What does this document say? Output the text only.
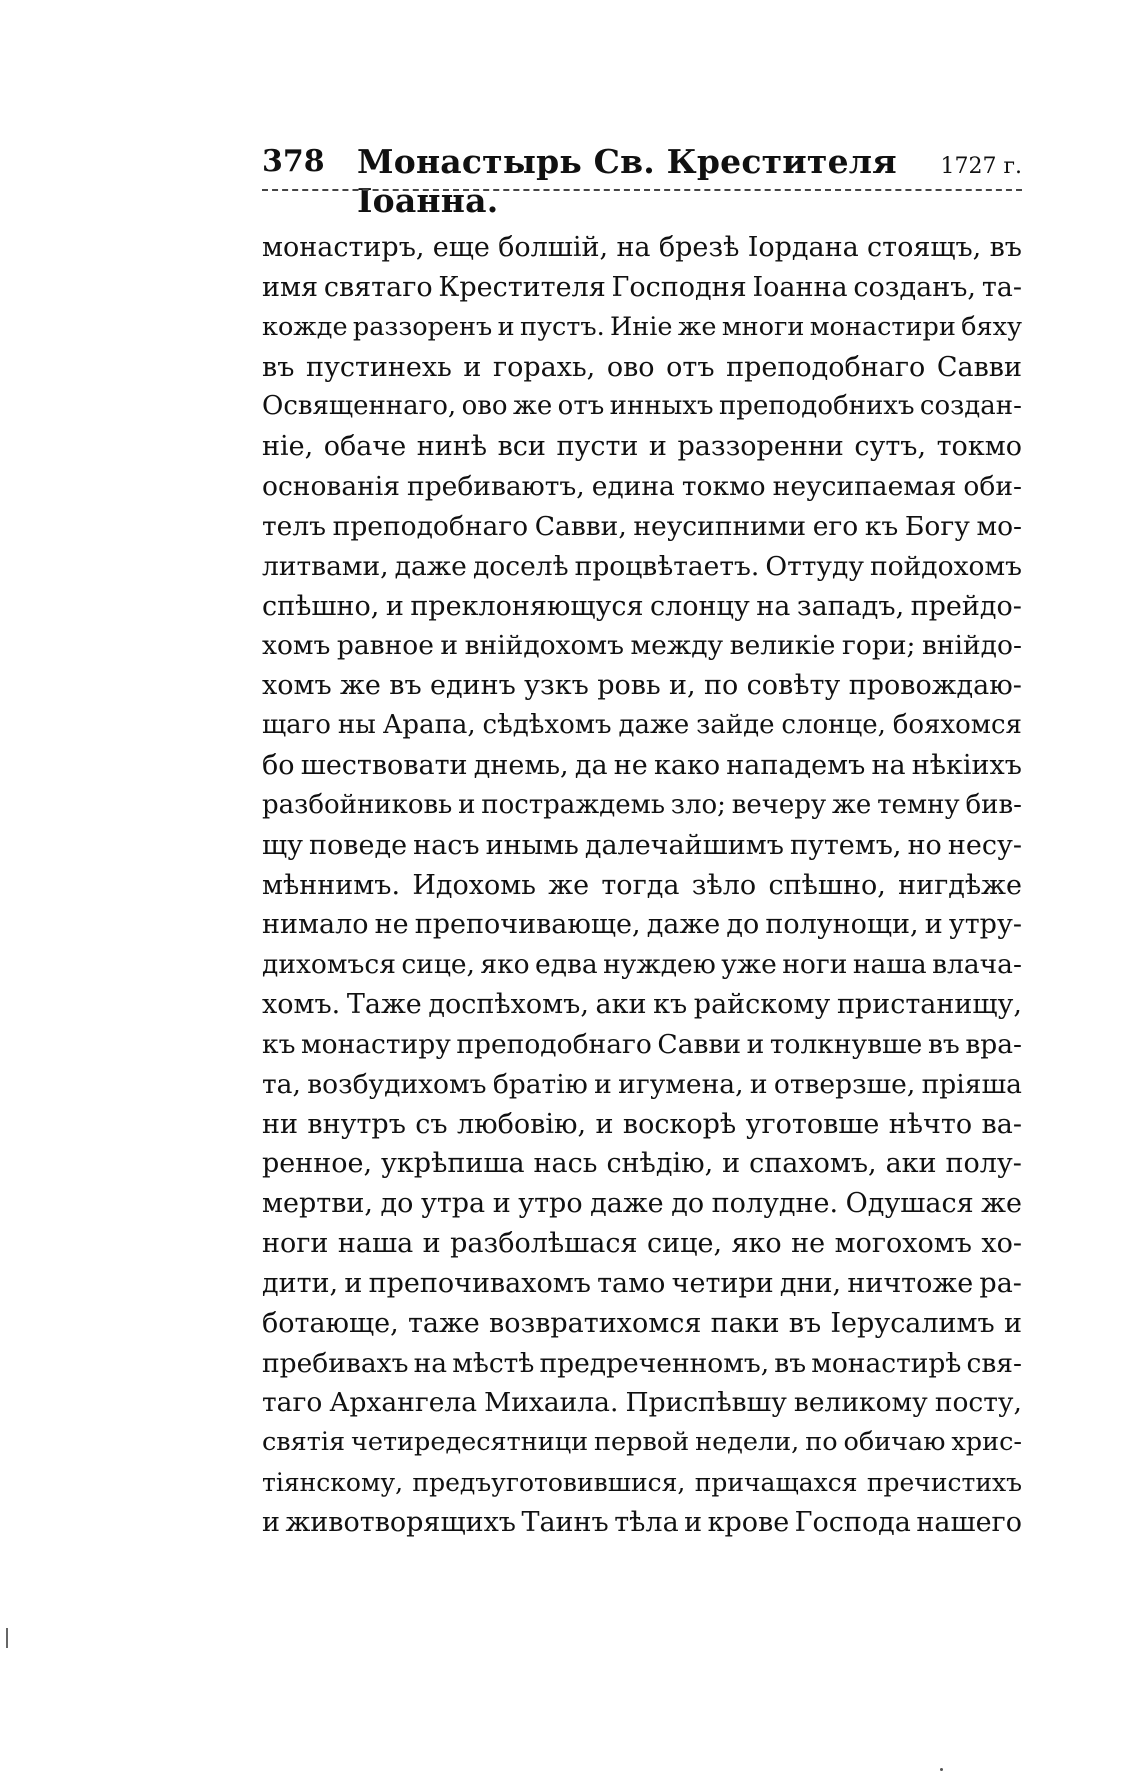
378 Монастырь Св. Крестителя Іоанна.
1727 г.
монастиръ, еще болшій, на брезѣ Іордана стоящъ, въ
имя святаго Крестителя Господня Іоанна созданъ, та-
кожде раззоренъ и пустъ. Иніе же многи монастири бяху
въ пустинехь и горахь, ово отъ преподобнаго Савви
Освященнаго, ово же отъ инныхъ преподобнихъ создан-
ніе, обаче нинѣ вси пусти и раззоренни сутъ, токмо
основанія пребиваютъ, едина токмо неусипаемая оби-
телъ преподобнаго Савви, неусипними его къ Богу мо-
литвами, даже доселѣ процвѣтаетъ. Оттуду пойдохомъ
спѣшно, и преклоняющуся слонцу на западъ, прейдо-
хомъ равное и внійдохомъ между великіе гори; внійдо-
хомъ же въ единъ узкъ ровь и, по совѣту провождаю-
щаго ны Арапа, сѣдѣхомъ даже зайде слонце, бояхомся
бо шествовати днемь, да не како нападемъ на нѣкіихъ
разбойниковь и постраждемь зло; вечеру же темну бив-
щу поведе насъ инымь далечайшимъ путемъ, но несу-
мѣннимъ. Идохомь же тогда зѣло спѣшно, нигдѣже
нимало не препочивающе, даже до полунощи, и утру-
дихомъся сице, яко едва нуждею уже ноги наша влача-
хомъ. Таже доспѣхомъ, аки къ райскому пристанищу,
къ монастиру преподобнаго Савви и толкнувше въ вра-
та, возбудихомъ братію и игумена, и отверзше, пріяша
ни внутръ съ любовію, и воскорѣ уготовше нѣчто ва-
ренное, укрѣпиша нась снѣдію, и спахомъ, аки полу-
мертви, до утра и утро даже до полудне. Одушася же
ноги наша и разболѣшася сице, яко не могохомъ хо-
дити, и препочивахомъ тамо четири дни, ничтоже ра-
ботающе, таже возвратихомся паки въ Іерусалимъ и
пребивахъ на мѣстѣ предреченномъ, въ монастирѣ свя-
таго Архангела Михаила. Приспѣвшу великому посту,
святія четиредесятници первой недели, по обичаю хрис-
тіянскому, предъуготовившися, причащахся пречистихъ
и животворящихъ Таинъ тѣла и крове Господа нашего
